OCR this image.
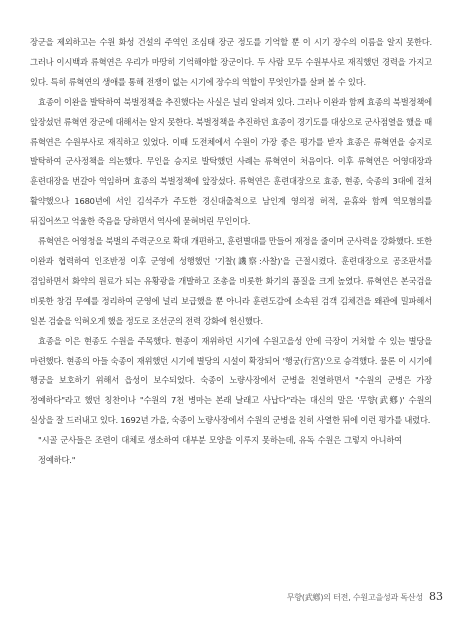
장군을 제외하고는 수원 화성 건설의 주역인 조심태 장군 정도를 기억할 뿐 이 시기 장수의 이름을 알지 못한다. 그러나 이시백과 류혁연은 우리가 마땅히 기억해야할 장군이다. 두 사람 모두 수원부사로 재직했던 경력을 가지고 있다. 특히 류혁연의 생애를 통해 전쟁이 없는 시기에 장수의 역할이 무엇인가를 살펴 볼 수 있다.

효종이 이완을 발탁하여 북벌정책을 추진했다는 사실은 널리 알려져 있다. 그러나 이완과 함께 효종의 북벌정책에 앞장섰던 류혁연 장군에 대해서는 알지 못한다. 북벌정책을 추진하던 효종이 경기도를 대상으로 군사점열을 했을 때 류혁연은 수원부사로 재직하고 있었다. 이때 도전체에서 수원이 가장 좋은 평가를 받자 효종은 류혁연을 승지로 발탁하여 군사정책을 의논했다. 무인을 승지로 발탁했던 사례는 류혁연이 처음이다. 이후 류혁연은 어영대장과 훈련대장을 번갈아 역임하며 효종의 북벌정책에 앞장섰다. 류혁연은 훈련대장으로 효종, 현종, 숙종의 3대에 걸쳐 활약했으나 1680년에 서인 김석주가 주도한 경신대출척으로 남인계 영의정 허적, 윤휴와 함께 역모혐의를 뒤집어쓰고 억울한 죽음을 당하면서 역사에 묻혀버린 무인이다.

류혁연은 어영청을 북벌의 주력군으로 확대 개편하고, 훈련별대를 만들어 재정을 줄이며 군사력을 강화했다. 또한 이완과 협력하여 인조반정 이후 군영에 성행했던 '기찰(譏察:사찰)'을 근절시켰다. 훈련대장으로 공조판서를 겸임하면서 화약의 원료가 되는 유황광을 개발하고 조총을 비롯한 화기의 품질을 크게 높였다. 류혁연은 본국검을 비롯한 창검 무예를 정리하여 군영에 널리 보급했을 뿐 아니라 훈련도감에 소속된 검객 김체건을 왜관에 밀파해서 일본 검술을 익혀오게 했을 정도로 조선군의 전력 강화에 헌신했다.

효종을 이은 현종도 수원을 주목했다. 현종이 재위하던 시기에 수원고을성 안에 극장이 거처할 수 있는 별당을 마련했다. 현종의 아들 숙종이 재위했던 시기에 별당의 시설이 확장되어 '행궁(行宮)'으로 승격했다. 물론 이 시기에 행궁을 보호하기 위해서 읍성이 보수되었다. 숙종이 노량사장에서 군병을 친열하면서 "수원의 군병은 가장 정예하다"라고 했던 칭찬이나 "수원의 7천 병마는 본래 날래고 사납다"라는 대신의 말은 '무향(武鄕)' 수원의 실상을 잘 드러내고 있다. 1692년 가을, 숙종이 노량사장에서 수원의 군병을 친히 사열한 뒤에 이런 평가를 내렸다.

"시골 군사들은 조련이 대체로 생소하여 대부분 모양을 이루지 못하는데, 유독 수원은 그렇지 아니하여 정예하다."

무향(武鄕)의 터전, 수원고을성과 독산성 83
